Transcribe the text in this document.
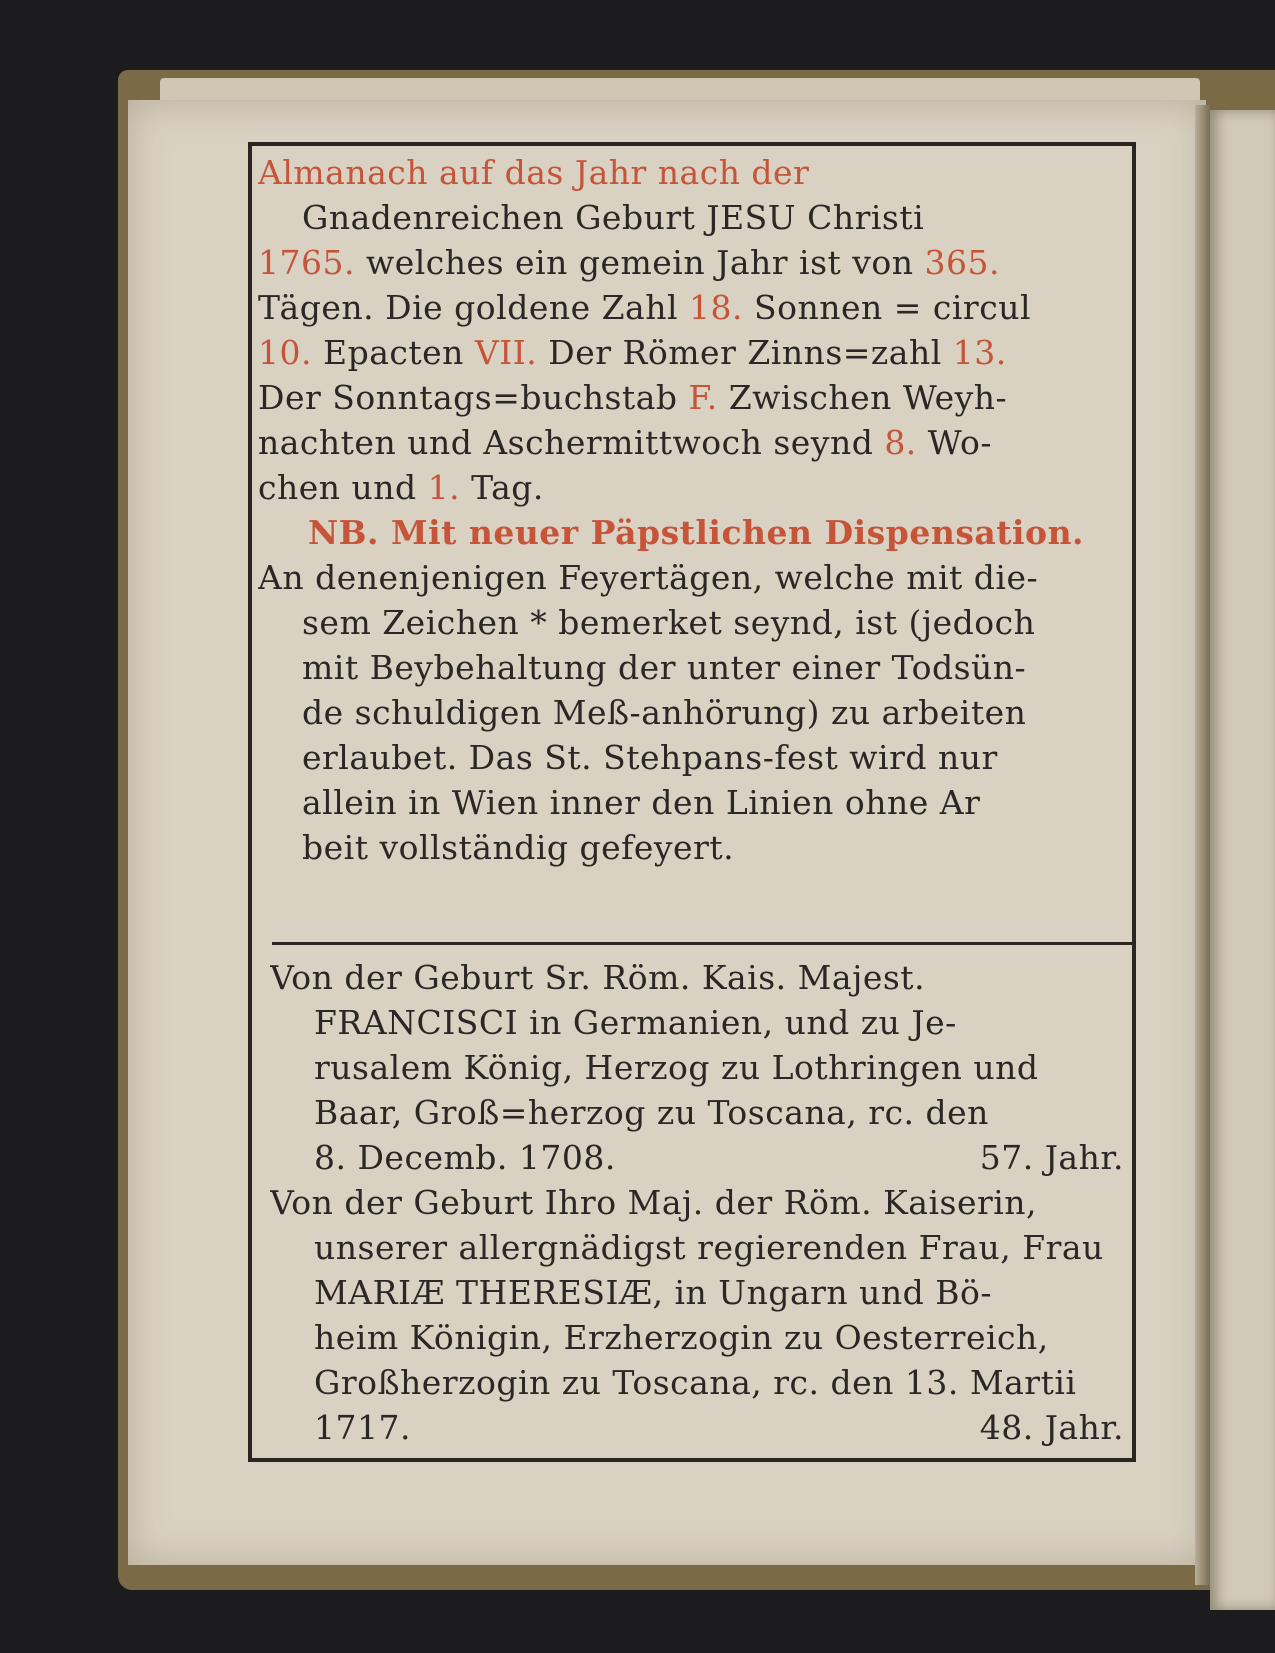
Almanach auf das Jahr nach der
Gnadenreichen Geburt JESU Christi
1765. welches ein gemein Jahr ist von 365.
Tägen. Die goldene Zahl 18. Sonnen = circul
10. Epacten VII. Der Römer Zinns=zahl 13.
Der Sonntags=buchstab F. Zwischen Weyh-
nachten und Aschermittwoch seynd 8. Wo-
chen und 1. Tag.
NB. Mit neuer Päpstlichen Dispensation.
An denenjenigen Feyertägen, welche mit die-
sem Zeichen * bemerket seynd, ist (jedoch
mit Beybehaltung der unter einer Todsün-
de schuldigen Meß-anhörung) zu arbeiten
erlaubet. Das St. Stehpans-fest wird nur
allein in Wien inner den Linien ohne Ar
beit vollständig gefeyert.
Von der Geburt Sr. Röm. Kais. Majest.
FRANCISCI in Germanien, und zu Je-
rusalem König, Herzog zu Lothringen und
Baar, Groß=herzog zu Toscana, rc. den
8. Decemb. 1708.	57. Jahr.
Von der Geburt Ihro Maj. der Röm. Kaiserin,
unserer allergnädigst regierenden Frau, Frau
MARIÆ THERESIÆ, in Ungarn und Bö-
heim Königin, Erzherzogin zu Oesterreich,
Großherzogin zu Toscana, rc. den 13. Martii
1717.	48. Jahr.
